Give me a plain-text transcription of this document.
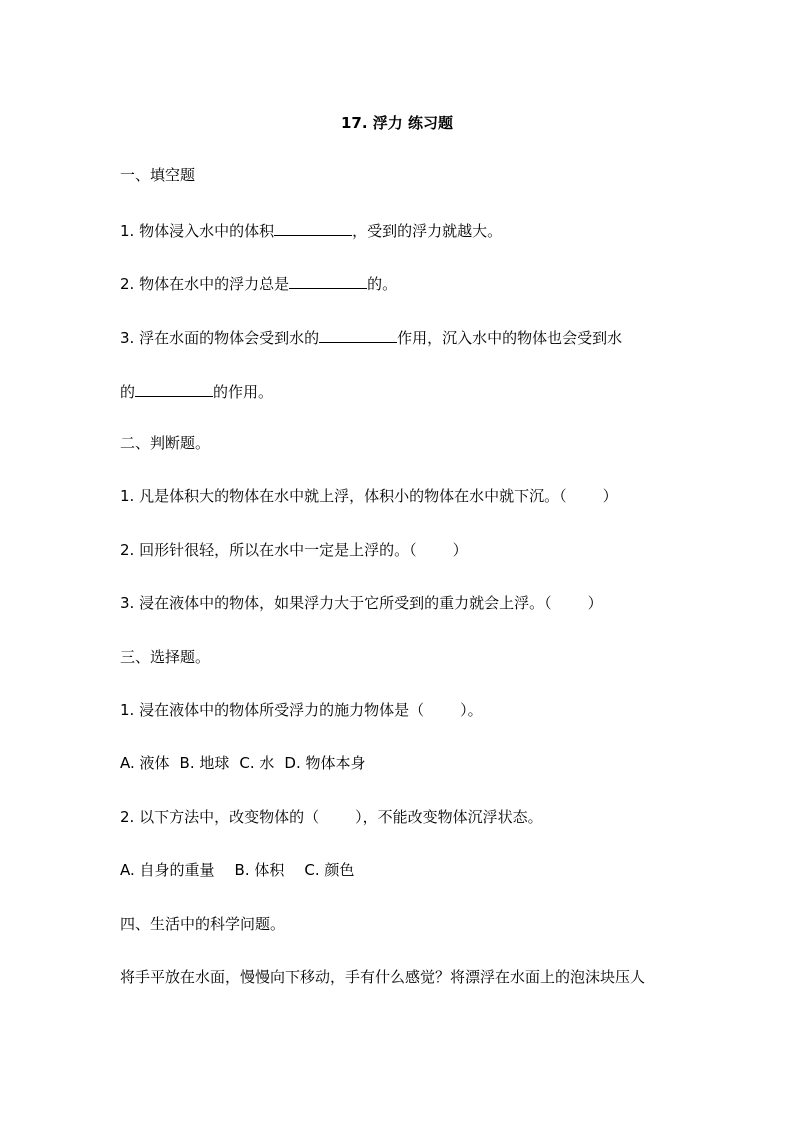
17. 浮力 练习题
一、填空题
1. 物体浸入水中的体积	，受到的浮力就越大。
2. 物体在水中的浮力总是	的。
3. 浮在水面的物体会受到水的	作用，沉入水中的物体也会受到水
的	的作用。
二、判断题。
1. 凡是体积大的物体在水中就上浮，体积小的物体在水中就下沉。（ ）
2. 回形针很轻，所以在水中一定是上浮的。（ ）
3. 浸在液体中的物体，如果浮力大于它所受到的重力就会上浮。（ ）
三、选择题。
1. 浸在液体中的物体所受浮力的施力物体是（ ）。
A. 液体 B. 地球 C. 水 D. 物体本身
2. 以下方法中，改变物体的（ ），不能改变物体沉浮状态。
A. 自身的重量 B. 体积 C. 颜色
四、生活中的科学问题。
将手平放在水面，慢慢向下移动，手有什么感觉？将漂浮在水面上的泡沫块压人
